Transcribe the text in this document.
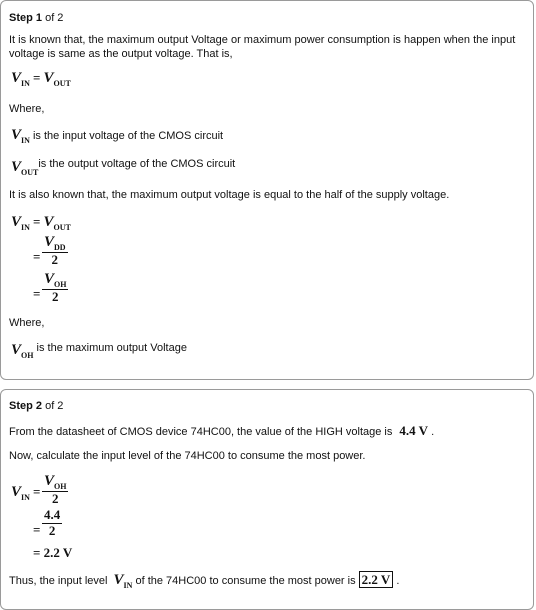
Step 1 of 2
It is known that, the maximum output Voltage or maximum power consumption is happen when the input
voltage is same as the output voltage. That is,
$V_{IN} = V_{OUT}$
Where,
$V_{IN}$ is the input voltage of the CMOS circuit
$V_{OUT}is$ the output voltage of the CMOS circuit
It is also known that, the maximum output voltage is equal to the half of the supply voltage.
$V_{IN} = V_{OUT}$
=
$V_{DD}$
2
=
$V_{OH}$
2
Where,
$V_{OH}$ is the maximum output Voltage
Step 2 of 2
From the datasheet of CMOS device 74HC00, the value of the HIGH voltage is 4.4 V .
Now, calculate the input level of the 74HC00 to consume the most power.
$V_{IN}$ =
$V_{OH}$
2
= $\frac{4.4}{2}$
= 2.2 V
Thus, the input level $V_{IN}$ of the 74HC00 to consume the most power is 2.2 V .
